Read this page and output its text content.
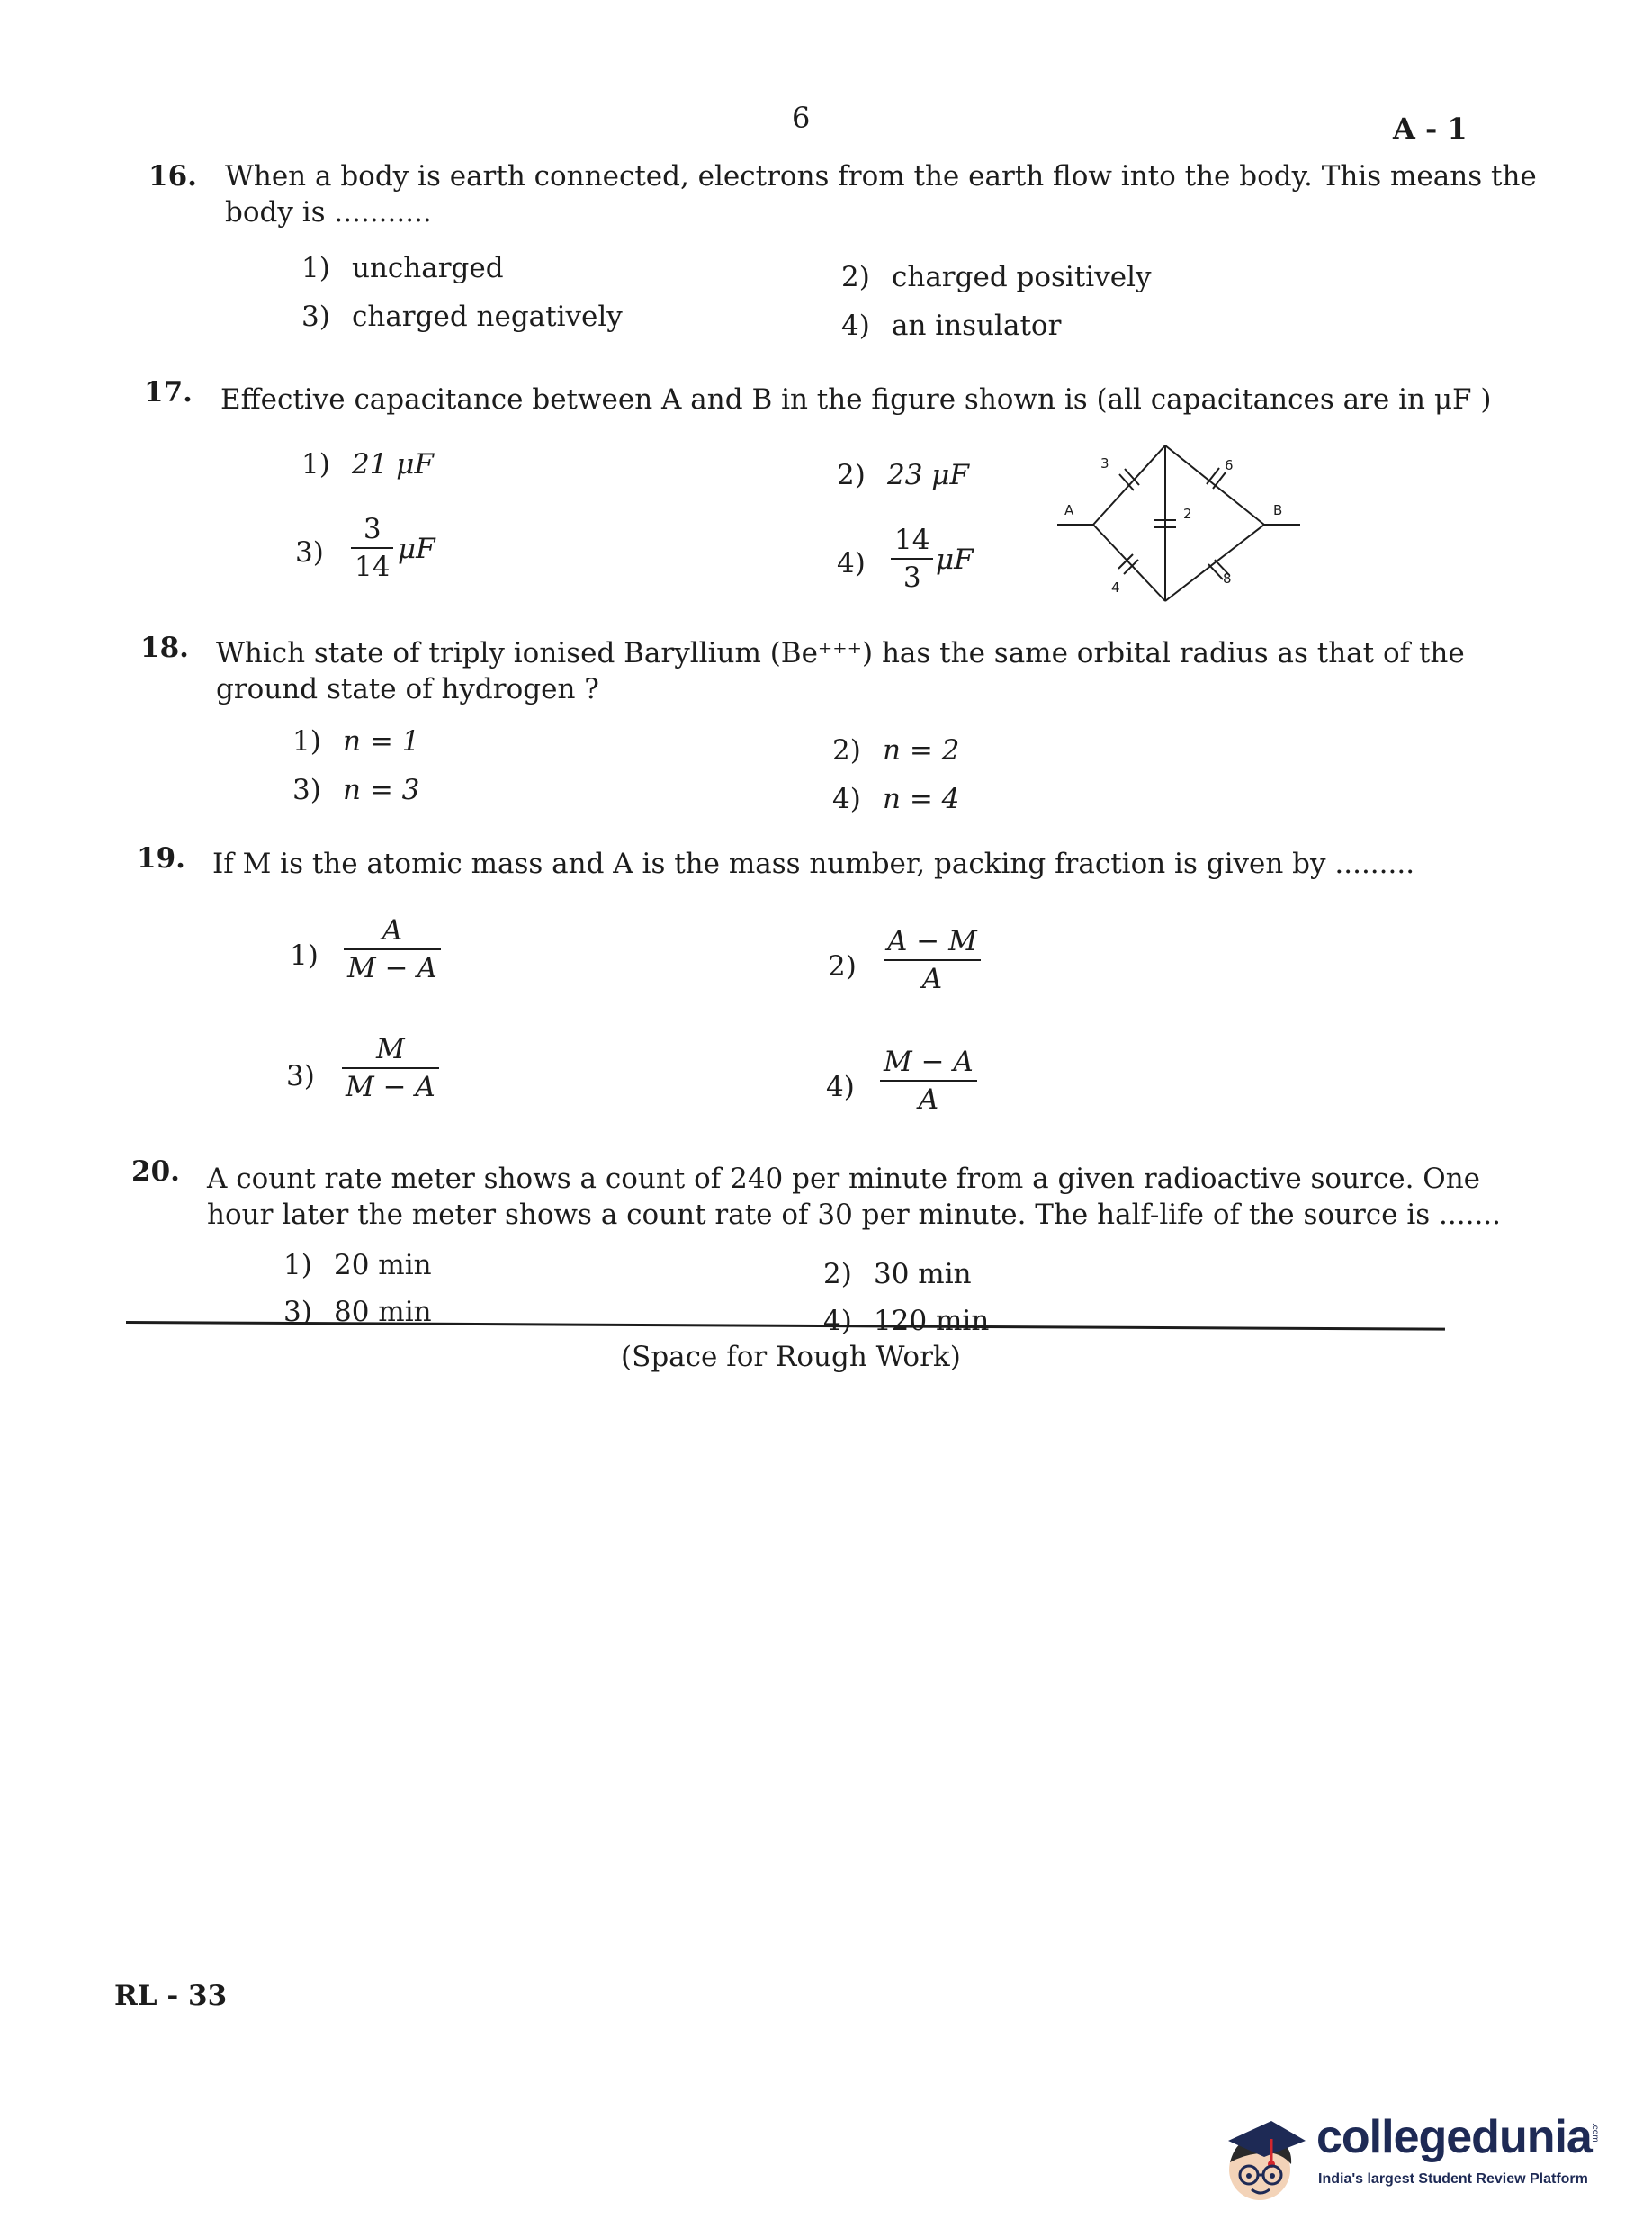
6	A - 1
16. When a body is earth connected, electrons from the earth flow into the body. This means the
body is ...........
1) uncharged	2) charged positively
3) charged negatively	4) an insulator
17. Effective capacitance between A and B in the figure shown is (all capacitances are in μF )
1) 21 μF	2) 23 μF
3)
3
14
μF	4)
14
3
μF
A	B
3	6
2
4
8
18. Which state of triply ionised Baryllium (Be⁺⁺⁺) has the same orbital radius as that of the
ground state of hydrogen ?
1) n = 1	2) n = 2
3) n = 3	4) n = 4
19. If M is the atomic mass and A is the mass number, packing fraction is given by .........
1)
A
M − A	2)
A − M
A
3)
M
M − A	4)
M − A
A
20. A count rate meter shows a count of 240 per minute from a given radioactive source. One
hour later the meter shows a count rate of 30 per minute. The half-life of the source is .......
1) 20 min	2) 30 min
3) 80 min	4) 120 min
(Space for Rough Work)
RL - 33
collegedunia
.com
India's largest Student Review Platform
